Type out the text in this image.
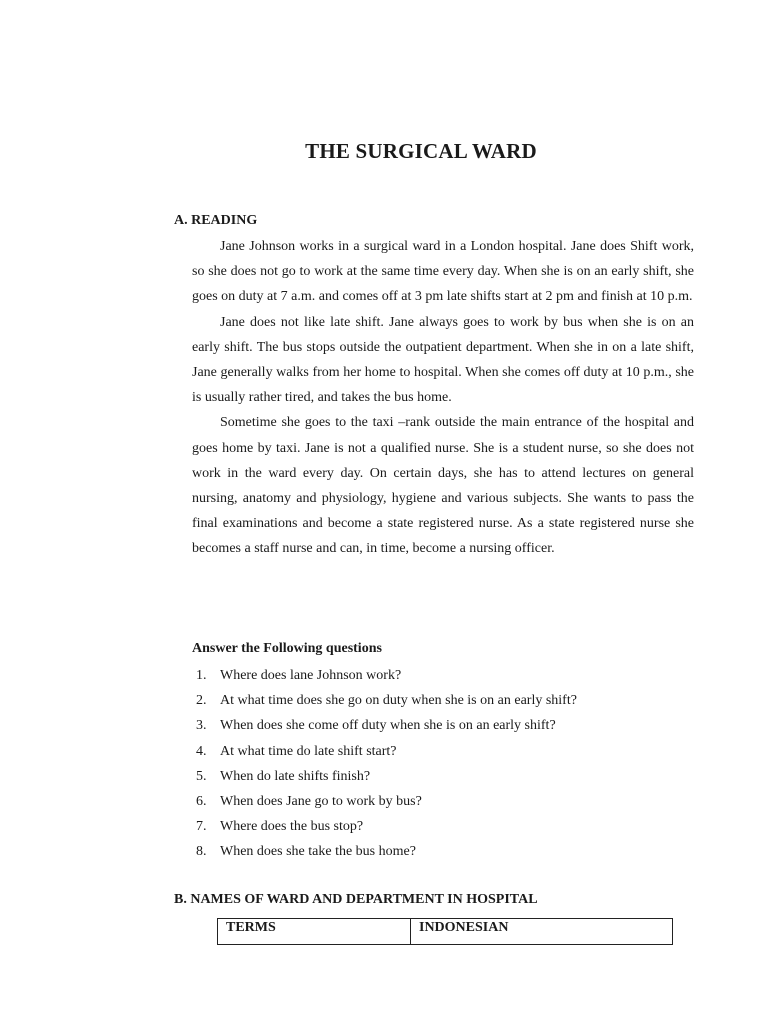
THE SURGICAL WARD
A. READING

Jane Johnson works in a surgical ward in a London hospital. Jane does Shift work, so she does not go to work at the same time every day. When she is on an early shift, she goes on duty at 7 a.m. and comes off at 3 pm late shifts start at 2 pm and finish at 10 p.m.

Jane does not like late shift. Jane always goes to work by bus when she is on an early shift. The bus stops outside the outpatient department. When she in on a late shift, Jane generally walks from her home to hospital. When she comes off duty at 10 p.m., she is usually rather tired, and takes the bus home.

Sometime she goes to the taxi –rank outside the main entrance of the hospital and goes home by taxi. Jane is not a qualified nurse. She is a student nurse, so she does not work in the ward every day. On certain days, she has to attend lectures on general nursing, anatomy and physiology, hygiene and various subjects. She wants to pass the final examinations and become a state registered nurse. As a state registered nurse she becomes a staff nurse and can, in time, become a nursing officer.

Answer the Following questions
1. Where does lane Johnson work?
2. At what time does she go on duty when she is on an early shift?
3. When does she come off duty when she is on an early shift?
4. At what time do late shift start?
5. When do late shifts finish?
6. When does Jane go to work by bus?
7. Where does the bus stop?
8. When does she take the bus home?
B. NAMES OF WARD AND DEPARTMENT IN HOSPITAL
TERMS	INDONESIAN
